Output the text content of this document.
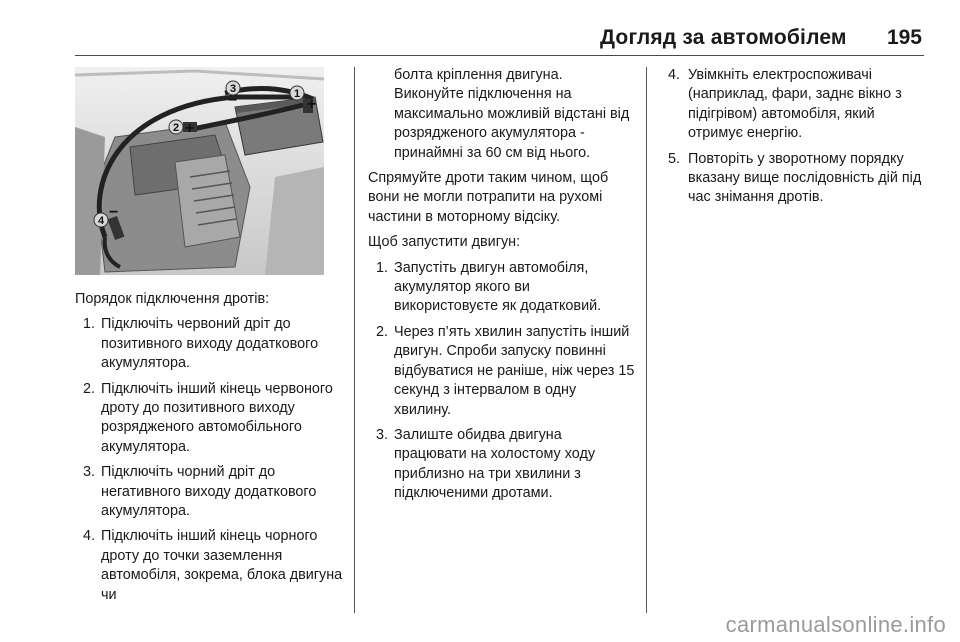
Догляд за автомобілем 195
1
+
2 +
3
−
4 −

Порядок підключення дротів:

1. Підключіть червоний дріт до позитивного виходу додаткового акумулятора.
2. Підключіть інший кінець червоного дроту до позитивного виходу розрядженого автомобільного акумулятора.
3. Підключіть чорний дріт до негативного виходу додаткового акумулятора.
4. Підключіть інший кінець чорного дроту до точки заземлення автомобіля, зокрема, блока двигуна чи

болта кріплення двигуна. Виконуйте підключення на максимально можливій відстані від розрядженого акумулятора - принаймні за 60 см від нього.

Спрямуйте дроти таким чином, щоб вони не могли потрапити на рухомі частини в моторному відсіку.

Щоб запустити двигун:

1. Запустіть двигун автомобіля, акумулятор якого ви використовуєте як додатковий.
2. Через п’ять хвилин запустіть інший двигун. Спроби запуску повинні відбуватися не раніше, ніж через 15 секунд з інтервалом в одну хвилину.
3. Залиште обидва двигуна працювати на холостому ходу приблизно на три хвилини з підключеними дротами.
4. Увімкніть електроспоживачі (наприклад, фари, заднє вікно з підігрівом) автомобіля, який отримує енергію.
5. Повторіть у зворотному порядку вказану вище послідовність дій під час знімання дротів.
carmanualsonline.info
